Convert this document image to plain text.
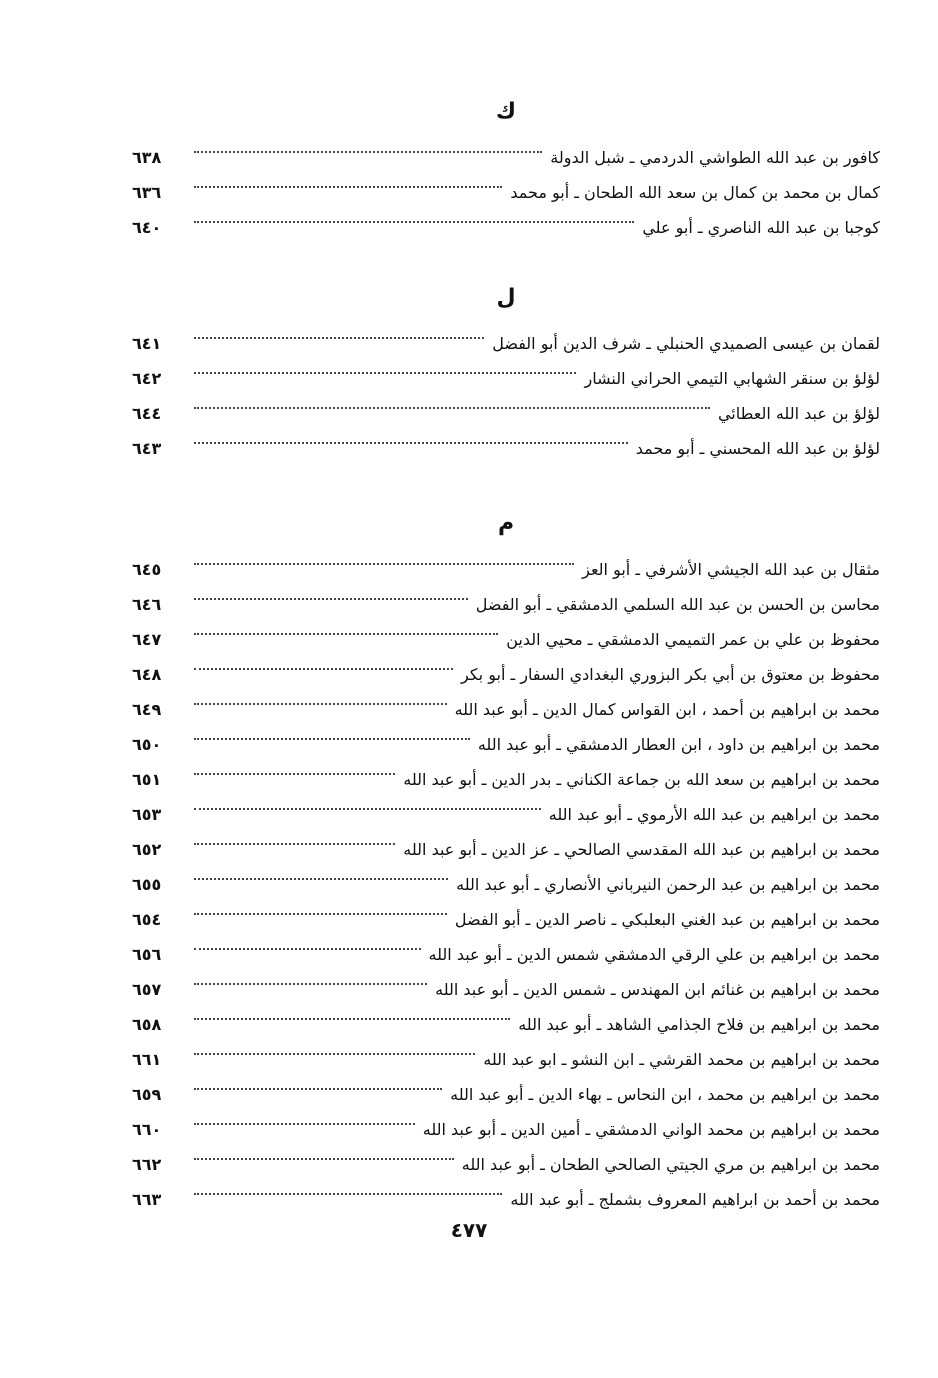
ك
كافور بن عبد الله الطواشي الدردمي ـ شبل الدولة
٦٣٨
كمال بن محمد بن كمال بن سعد الله الطحان ـ أبو محمد
٦٣٦
كوجبا بن عبد الله الناصري ـ أبو علي
٦٤٠
ل
لقمان بن عيسى الصميدي الحنبلي ـ شرف الدين أبو الفضل
٦٤١
لؤلؤ بن سنقر الشهابي التيمي الحراني النشار
٦٤٢
لؤلؤ بن عبد الله العطائي
٦٤٤
لؤلؤ بن عبد الله المحسني ـ أبو محمد
٦٤٣
م
مثقال بن عبد الله الجيشي الأشرفي ـ أبو العز
٦٤٥
محاسن بن الحسن بن عبد الله السلمي الدمشقي ـ أبو الفضل
٦٤٦
محفوظ بن علي بن عمر التميمي الدمشقي ـ محيي الدين
٦٤٧
محفوظ بن معتوق بن أبي بكر البزوري البغدادي السفار ـ أبو بكر
٦٤٨
محمد بن ابراهيم بن أحمد ، ابن القواس كمال الدين ـ أبو عبد الله
٦٤٩
محمد بن ابراهيم بن داود ، ابن العطار الدمشقي ـ أبو عبد الله
٦٥٠
محمد بن ابراهيم بن سعد الله بن جماعة الكناني ـ بدر الدين ـ أبو عبد الله
٦٥١
محمد بن ابراهيم بن عبد الله الأرموي ـ أبو عبد الله
٦٥٣
محمد بن ابراهيم بن عبد الله المقدسي الصالحي ـ عز الدين ـ أبو عبد الله
٦٥٢
محمد بن ابراهيم بن عبد الرحمن النيرباني الأنصاري ـ أبو عبد الله
٦٥٥
محمد بن ابراهيم بن عبد الغني البعلبكي ـ ناصر الدين ـ أبو الفضل
٦٥٤
محمد بن ابراهيم بن علي الرقي الدمشقي شمس الدين ـ أبو عبد الله
٦٥٦
محمد بن ابراهيم بن غنائم ابن المهندس ـ شمس الدين ـ أبو عبد الله
٦٥٧
محمد بن ابراهيم بن فلاح الجذامي الشاهد ـ أبو عبد الله
٦٥٨
محمد بن ابراهيم بن محمد القرشي ـ ابن النشو ـ ابو عبد الله
٦٦١
محمد بن ابراهيم بن محمد ، ابن النحاس ـ بهاء الدين ـ أبو عبد الله
٦٥٩
محمد بن ابراهيم بن محمد الواني الدمشقي ـ أمين الدين ـ أبو عبد الله
٦٦٠
محمد بن ابراهيم بن مري الجيتي الصالحي الطحان ـ أبو عبد الله
٦٦٢
محمد بن أحمد بن ابراهيم المعروف بشملج ـ أبو عبد الله
٦٦٣
٤٧٧
